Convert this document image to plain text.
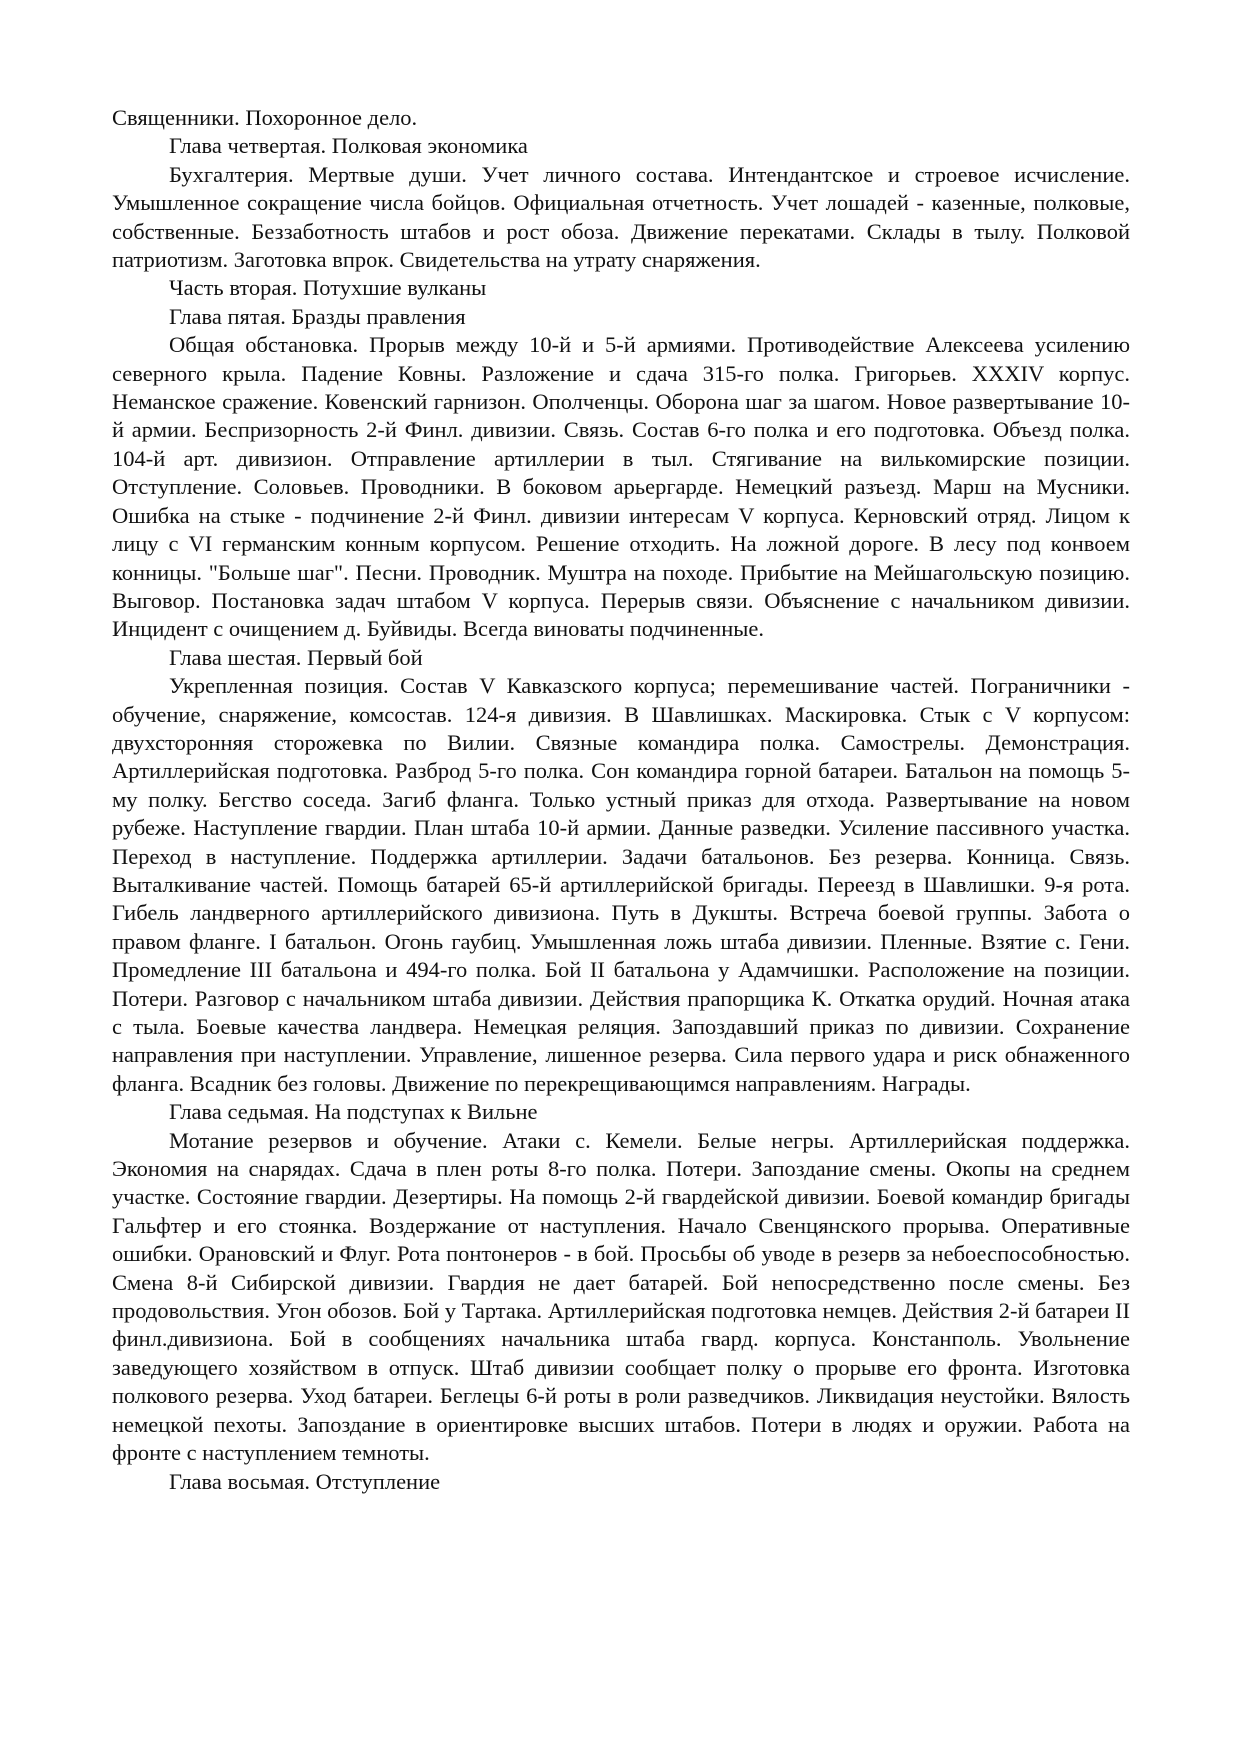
Священники. Похоронное дело.

Глава четвертая. Полковая экономика

Бухгалтерия. Мертвые души. Учет личного состава. Интендантское и строевое исчисление. Умышленное сокращение числа бойцов. Официальная отчетность. Учет лошадей - казенные, полковые, собственные. Беззаботность штабов и рост обоза. Движение перекатами. Склады в тылу. Полковой патриотизм. Заготовка впрок. Свидетельства на утрату снаряжения.

Часть вторая. Потухшие вулканы

Глава пятая. Бразды правления

Общая обстановка. Прорыв между 10-й и 5-й армиями. Противодействие Алексеева усилению северного крыла. Падение Ковны. Разложение и сдача 315-го полка. Григорьев. XXXIV корпус. Неманское сражение. Ковенский гарнизон. Ополченцы. Оборона шаг за шагом. Новое развертывание 10-й армии. Беспризорность 2-й Финл. дивизии. Связь. Состав 6-го полка и его подготовка. Объезд полка. 104-й арт. дивизион. Отправление артиллерии в тыл. Стягивание на вилькомирские позиции. Отступление. Соловьев. Проводники. В боковом арьергарде. Немецкий разъезд. Марш на Мусники. Ошибка на стыке - подчинение 2-й Финл. дивизии интересам V корпуса. Керновский отряд. Лицом к лицу с VI германским конным корпусом. Решение отходить. На ложной дороге. В лесу под конвоем конницы. "Больше шаг". Песни. Проводник. Муштра на походе. Прибытие на Мейшагольскую позицию. Выговор. Постановка задач штабом V корпуса. Перерыв связи. Объяснение с начальником дивизии. Инцидент с очищением д. Буйвиды. Всегда виноваты подчиненные.

Глава шестая. Первый бой

Укрепленная позиция. Состав V Кавказского корпуса; перемешивание частей. Пограничники - обучение, снаряжение, комсостав. 124-я дивизия. В Шавлишках. Маскировка. Стык с V корпусом: двухсторонняя сторожевка по Вилии. Связные командира полка. Самострелы. Демонстрация. Артиллерийская подготовка. Разброд 5-го полка. Сон командира горной батареи. Батальон на помощь 5-му полку. Бегство соседа. Загиб фланга. Только устный приказ для отхода. Развертывание на новом рубеже. Наступление гвардии. План штаба 10-й армии. Данные разведки. Усиление пассивного участка. Переход в наступление. Поддержка артиллерии. Задачи батальонов. Без резерва. Конница. Связь. Выталкивание частей. Помощь батарей 65-й артиллерийской бригады. Переезд в Шавлишки. 9-я рота. Гибель ландверного артиллерийского дивизиона. Путь в Дукшты. Встреча боевой группы. Забота о правом фланге. I батальон. Огонь гаубиц. Умышленная ложь штаба дивизии. Пленные. Взятие с. Гени. Промедление III батальона и 494-го полка. Бой II батальона у Адамчишки. Расположение на позиции. Потери. Разговор с начальником штаба дивизии. Действия прапорщика К. Откатка орудий. Ночная атака с тыла. Боевые качества ландвера. Немецкая реляция. Запоздавший приказ по дивизии. Сохранение направления при наступлении. Управление, лишенное резерва. Сила первого удара и риск обнаженного фланга. Всадник без головы. Движение по перекрещивающимся направлениям. Награды.

Глава седьмая. На подступах к Вильне

Мотание резервов и обучение. Атаки с. Кемели. Белые негры. Артиллерийская поддержка. Экономия на снарядах. Сдача в плен роты 8-го полка. Потери. Запоздание смены. Окопы на среднем участке. Состояние гвардии. Дезертиры. На помощь 2-й гвардейской дивизии. Боевой командир бригады Гальфтер и его стоянка. Воздержание от наступления. Начало Свенцянского прорыва. Оперативные ошибки. Орановский и Флуг. Рота понтонеров - в бой. Просьбы об уводе в резерв за небоеспособностью. Смена 8-й Сибирской дивизии. Гвардия не дает батарей. Бой непосредственно после смены. Без продовольствия. Угон обозов. Бой у Тартака. Артиллерийская подготовка немцев. Действия 2-й батареи II финл.дивизиона. Бой в сообщениях начальника штаба гвард. корпуса. Констанполь. Увольнение заведующего хозяйством в отпуск. Штаб дивизии сообщает полку о прорыве его фронта. Изготовка полкового резерва. Уход батареи. Беглецы 6-й роты в роли разведчиков. Ликвидация неустойки. Вялость немецкой пехоты. Запоздание в ориентировке высших штабов. Потери в людях и оружии. Работа на фронте с наступлением темноты.

Глава восьмая. Отступление
